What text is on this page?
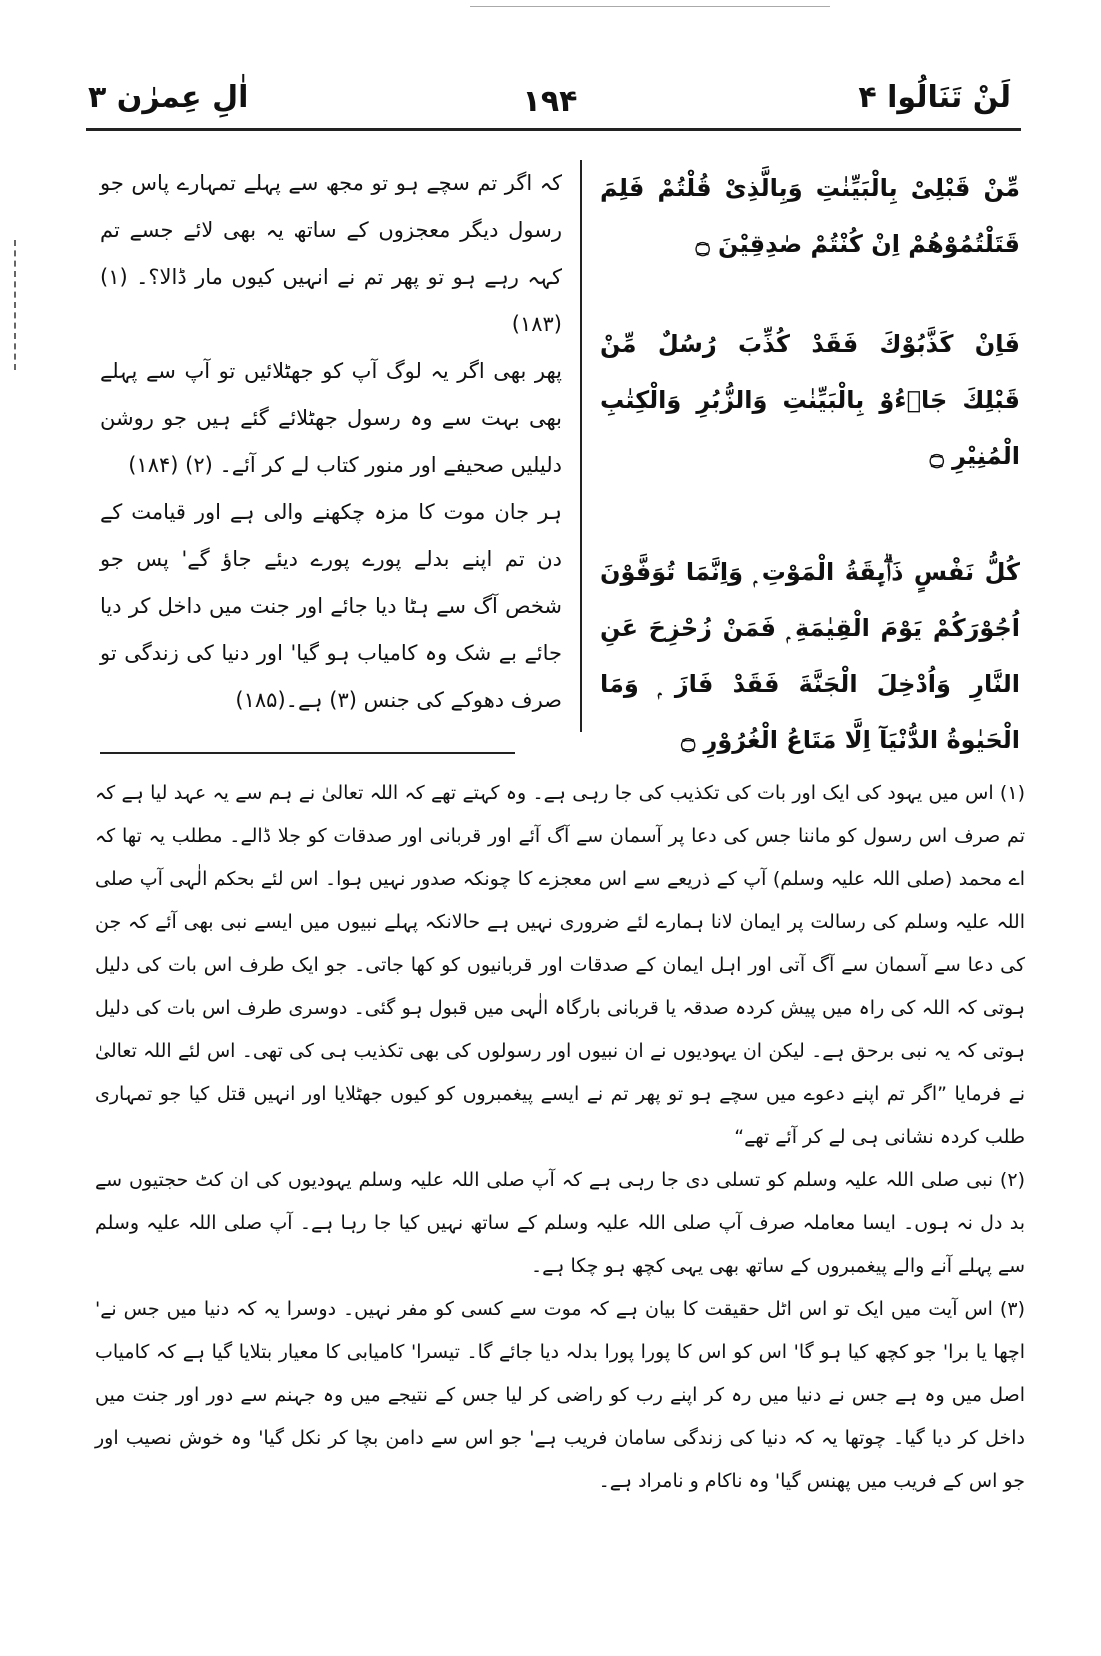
لَنْ تَنَالُوا ۴
۱۹۴
اٰلِ عِمرٰن ۳

مِّنْ قَبْلِىْ بِالْبَيِّنٰتِ وَبِالَّذِىْ قُلْتُمْ فَلِمَ قَتَلْتُمُوْهُمْ اِنْ كُنْتُمْ صٰدِقِيْنَ ۝

فَاِنْ كَذَّبُوْكَ فَقَدْ كُذِّبَ رُسُلٌ مِّنْ قَبْلِكَ جَاۗءُوْ بِالْبَيِّنٰتِ وَالزُّبُرِ وَالْكِتٰبِ الْمُنِيْرِ ۝

كُلُّ نَفْسٍ ذَاۗىِٕقَةُ الْمَوْتِ ۭ وَاِنَّمَا تُوَفَّوْنَ اُجُوْرَكُمْ يَوْمَ الْقِيٰمَةِ ۭ فَمَنْ زُحْزِحَ عَنِ النَّارِ وَاُدْخِلَ الْجَنَّةَ فَقَدْ فَازَ ۭ وَمَا الْحَيٰوةُ الدُّنْيَآ اِلَّا مَتَاعُ الْغُرُوْرِ ۝

کہ اگر تم سچے ہو تو مجھ سے پہلے تمہارے پاس جو رسول دیگر معجزوں کے ساتھ یہ بھی لائے جسے تم کہہ رہے ہو تو پھر تم نے انہیں کیوں مار ڈالا؟۔ (۱) (۱۸۳)

پھر بھی اگر یہ لوگ آپ کو جھٹلائیں تو آپ سے پہلے بھی بہت سے وہ رسول جھٹلائے گئے ہیں جو روشن دلیلیں صحیفے اور منور کتاب لے کر آئے۔ (۲) (۱۸۴)

ہر جان موت کا مزہ چکھنے والی ہے اور قیامت کے دن تم اپنے بدلے پورے پورے دیئے جاؤ گے' پس جو شخص آگ سے ہٹا دیا جائے اور جنت میں داخل کر دیا جائے بے شک وہ کامیاب ہو گیا' اور دنیا کی زندگی تو صرف دھوکے کی جنس (۳) ہے۔(۱۸۵)

(۱) اس میں یہود کی ایک اور بات کی تکذیب کی جا رہی ہے۔ وہ کہتے تھے کہ اللہ تعالیٰ نے ہم سے یہ عہد لیا ہے کہ تم صرف اس رسول کو ماننا جس کی دعا پر آسمان سے آگ آئے اور قربانی اور صدقات کو جلا ڈالے۔ مطلب یہ تھا کہ اے محمد (صلی اللہ علیہ وسلم) آپ کے ذریعے سے اس معجزے کا چونکہ صدور نہیں ہوا۔ اس لئے بحکم الٰہی آپ صلی اللہ علیہ وسلم کی رسالت پر ایمان لانا ہمارے لئے ضروری نہیں ہے حالانکہ پہلے نبیوں میں ایسے نبی بھی آئے کہ جن کی دعا سے آسمان سے آگ آتی اور اہل ایمان کے صدقات اور قربانیوں کو کھا جاتی۔ جو ایک طرف اس بات کی دلیل ہوتی کہ اللہ کی راہ میں پیش کردہ صدقہ یا قربانی بارگاہ الٰہی میں قبول ہو گئی۔ دوسری طرف اس بات کی دلیل ہوتی کہ یہ نبی برحق ہے۔ لیکن ان یہودیوں نے ان نبیوں اور رسولوں کی بھی تکذیب ہی کی تھی۔ اس لئے اللہ تعالیٰ نے فرمایا ”اگر تم اپنے دعوے میں سچے ہو تو پھر تم نے ایسے پیغمبروں کو کیوں جھٹلایا اور انہیں قتل کیا جو تمہاری طلب کردہ نشانی ہی لے کر آئے تھے“

(۲) نبی صلی اللہ علیہ وسلم کو تسلی دی جا رہی ہے کہ آپ صلی اللہ علیہ وسلم یہودیوں کی ان کٹ حجتیوں سے بد دل نہ ہوں۔ ایسا معاملہ صرف آپ صلی اللہ علیہ وسلم کے ساتھ نہیں کیا جا رہا ہے۔ آپ صلی اللہ علیہ وسلم سے پہلے آنے والے پیغمبروں کے ساتھ بھی یہی کچھ ہو چکا ہے۔

(۳) اس آیت میں ایک تو اس اٹل حقیقت کا بیان ہے کہ موت سے کسی کو مفر نہیں۔ دوسرا یہ کہ دنیا میں جس نے' اچھا یا برا' جو کچھ کیا ہو گا' اس کو اس کا پورا پورا بدلہ دیا جائے گا۔ تیسرا' کامیابی کا معیار بتلایا گیا ہے کہ کامیاب اصل میں وہ ہے جس نے دنیا میں رہ کر اپنے رب کو راضی کر لیا جس کے نتیجے میں وہ جہنم سے دور اور جنت میں داخل کر دیا گیا۔ چوتھا یہ کہ دنیا کی زندگی سامان فریب ہے' جو اس سے دامن بچا کر نکل گیا' وہ خوش نصیب اور جو اس کے فریب میں پھنس گیا' وہ ناکام و نامراد ہے۔
